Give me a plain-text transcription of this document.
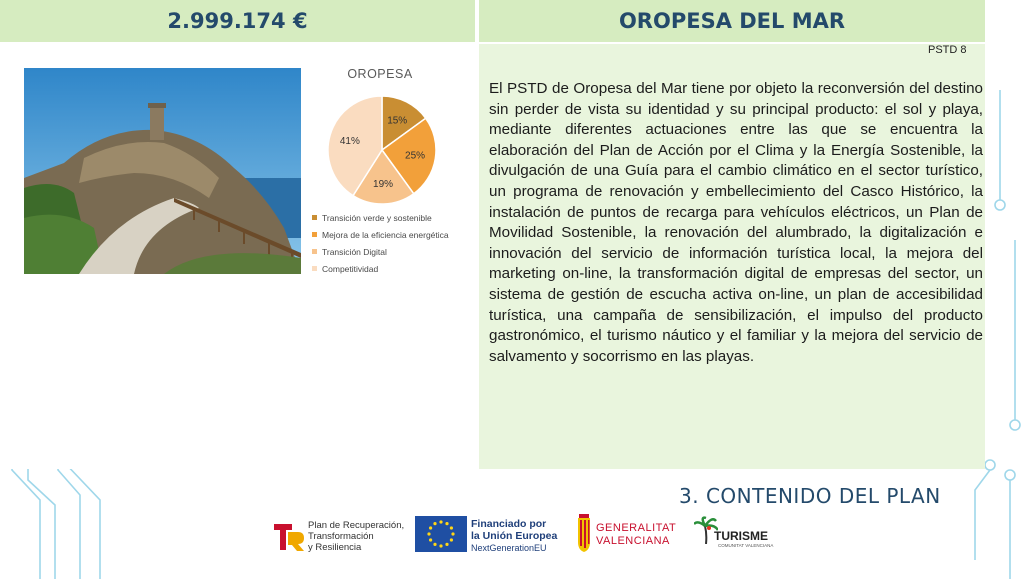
2.999.174 €	OROPESA DEL MAR
OROPESA
15%
25%
19%
41%
Transición verde y sostenible
Mejora de la eficiencia energética
Transición Digital
Competitividad
PSTD 8
El PSTD de Oropesa del Mar tiene por objeto la reconversión del destino sin perder de vista su identidad y su principal producto: el sol y playa, mediante diferentes actuaciones entre las que se encuentra la elaboración del Plan de Acción por el Clima y la Energía Sostenible, la divulgación de una Guía para el cambio climático en el sector turístico, un programa de renovación y embellecimiento del Casco Histórico, la instalación de puntos de recarga para vehículos eléctricos, un Plan de Movilidad Sostenible, la renovación del alumbrado, la digitalización e innovación del servicio de información turística local, la mejora del marketing on-line, la transformación digital de empresas del sector, un sistema de gestión de escucha activa on-line, un plan de accesibilidad turística, una campaña de sensibilización, el impulso del producto gastronómico, el turismo náutico y el familiar y la mejora del servicio de salvamento y socorrismo en las playas.
3. CONTENIDO DEL PLAN
Plan de Recuperación,
Transformación
y Resiliencia
Financiado por
la Unión Europea
NextGenerationEU
GENERALITAT
VALENCIANA	TURISME
COMUNITAT VALENCIANA
